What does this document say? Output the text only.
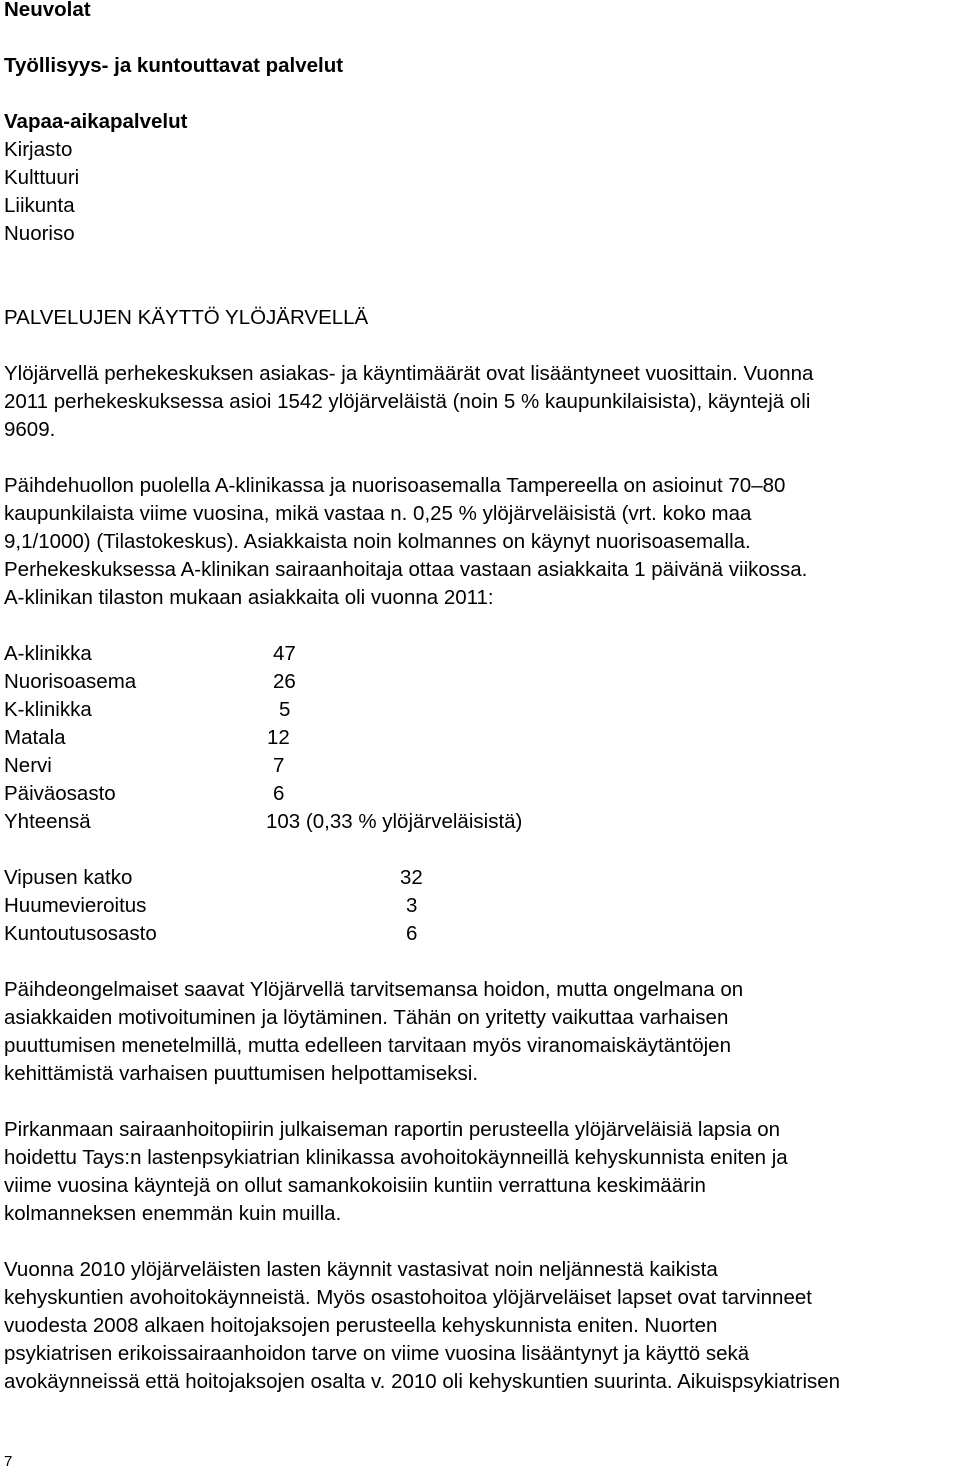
Neuvolat
Työllisyys- ja kuntouttavat palvelut
Vapaa-aikapalvelut
Kirjasto
Kulttuuri
Liikunta
Nuoriso
PALVELUJEN KÄYTTÖ YLÖJÄRVELLÄ
Ylöjärvellä perhekeskuksen asiakas- ja käyntimäärät ovat lisääntyneet vuosittain. Vuonna
2011 perhekeskuksessa asioi 1542 ylöjärveläistä (noin 5 % kaupunkilaisista), käyntejä oli
9609.
Päihdehuollon puolella A-klinikassa ja nuorisoasemalla Tampereella on asioinut 70–80
kaupunkilaista viime vuosina, mikä vastaa n. 0,25 % ylöjärveläisistä (vrt. koko maa
9,1/1000) (Tilastokeskus). Asiakkaista noin kolmannes on käynyt nuorisoasemalla.
Perhekeskuksessa A-klinikan sairaanhoitaja ottaa vastaan asiakkaita 1 päivänä viikossa.
A-klinikan tilaston mukaan asiakkaita oli vuonna 2011:
A-klinikka	47
Nuorisoasema	26
K-klinikka	5
Matala	12
Nervi	7
Päiväosasto	6
Yhteensä	103 (0,33 % ylöjärveläisistä)
Vipusen katko	32
Huumevieroitus	3
Kuntoutusosasto	6
Päihdeongelmaiset saavat Ylöjärvellä tarvitsemansa hoidon, mutta ongelmana on
asiakkaiden motivoituminen ja löytäminen. Tähän on yritetty vaikuttaa varhaisen
puuttumisen menetelmillä, mutta edelleen tarvitaan myös viranomaiskäytäntöjen
kehittämistä varhaisen puuttumisen helpottamiseksi.
Pirkanmaan sairaanhoitopiirin julkaiseman raportin perusteella ylöjärveläisiä lapsia on
hoidettu Tays:n lastenpsykiatrian klinikassa avohoitokäynneillä kehyskunnista eniten ja
viime vuosina käyntejä on ollut samankokoisiin kuntiin verrattuna keskimäärin
kolmanneksen enemmän kuin muilla.
Vuonna 2010 ylöjärveläisten lasten käynnit vastasivat noin neljännestä kaikista
kehyskuntien avohoitokäynneistä. Myös osastohoitoa ylöjärveläiset lapset ovat tarvinneet
vuodesta 2008 alkaen hoitojaksojen perusteella kehyskunnista eniten. Nuorten
psykiatrisen erikoissairaanhoidon tarve on viime vuosina lisääntynyt ja käyttö sekä
avokäynneissä että hoitojaksojen osalta v. 2010 oli kehyskuntien suurinta. Aikuispsykiatrisen
7
